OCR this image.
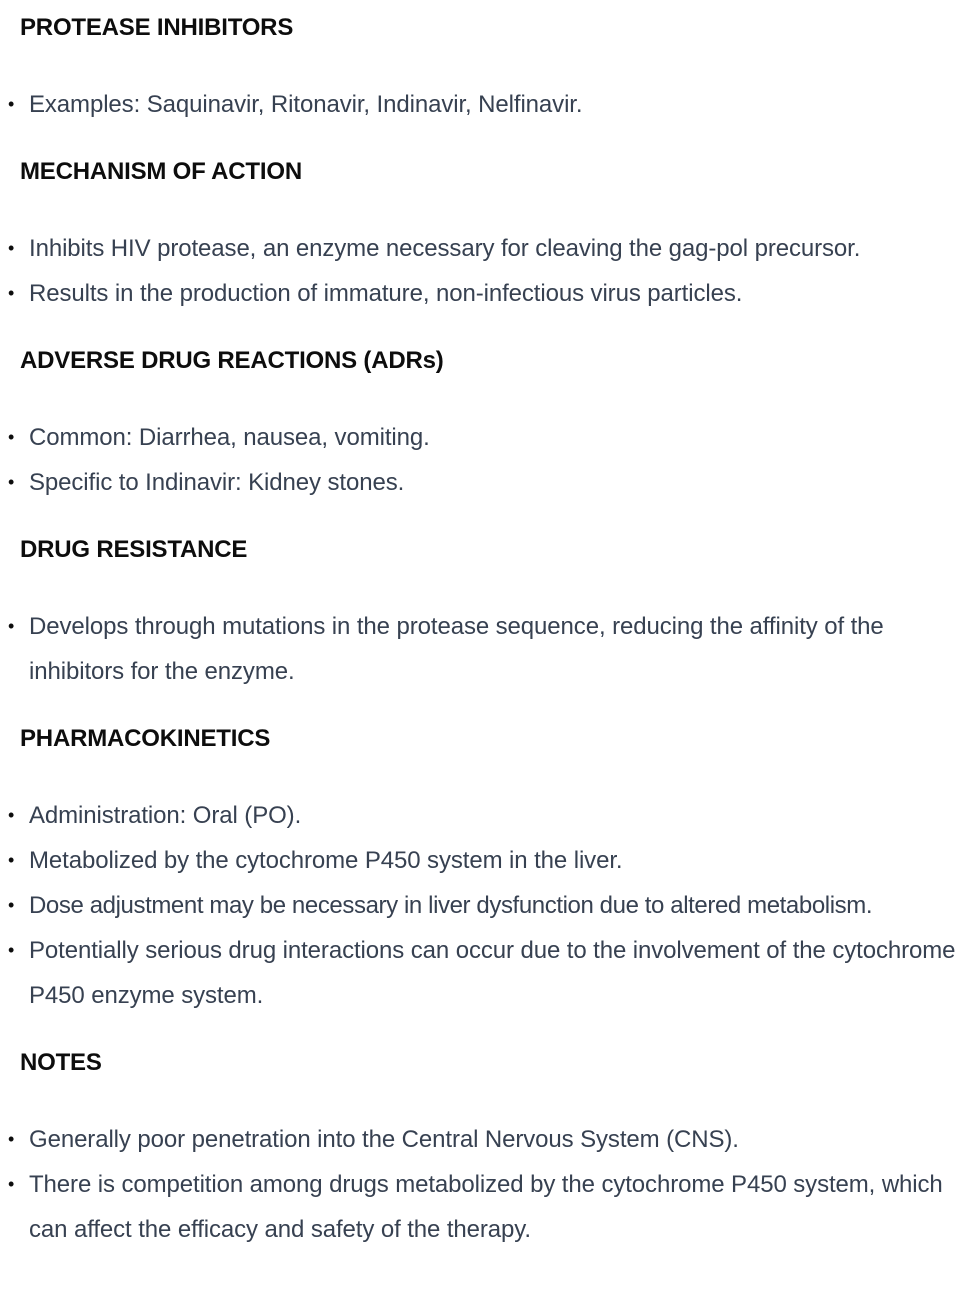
PROTEASE INHIBITORS
• Examples: Saquinavir, Ritonavir, Indinavir, Nelfinavir.
MECHANISM OF ACTION
• Inhibits HIV protease, an enzyme necessary for cleaving the gag-pol precursor.
• Results in the production of immature, non-infectious virus particles.
ADVERSE DRUG REACTIONS (ADRs)
• Common: Diarrhea, nausea, vomiting.
• Specific to Indinavir: Kidney stones.
DRUG RESISTANCE
• Develops through mutations in the protease sequence, reducing the affinity of the inhibitors for the enzyme.
PHARMACOKINETICS
• Administration: Oral (PO).
• Metabolized by the cytochrome P450 system in the liver.
• Dose adjustment may be necessary in liver dysfunction due to altered metabolism.
• Potentially serious drug interactions can occur due to the involvement of the cytochrome P450 enzyme system.
NOTES
• Generally poor penetration into the Central Nervous System (CNS).
• There is competition among drugs metabolized by the cytochrome P450 system, which can affect the efficacy and safety of the therapy.
